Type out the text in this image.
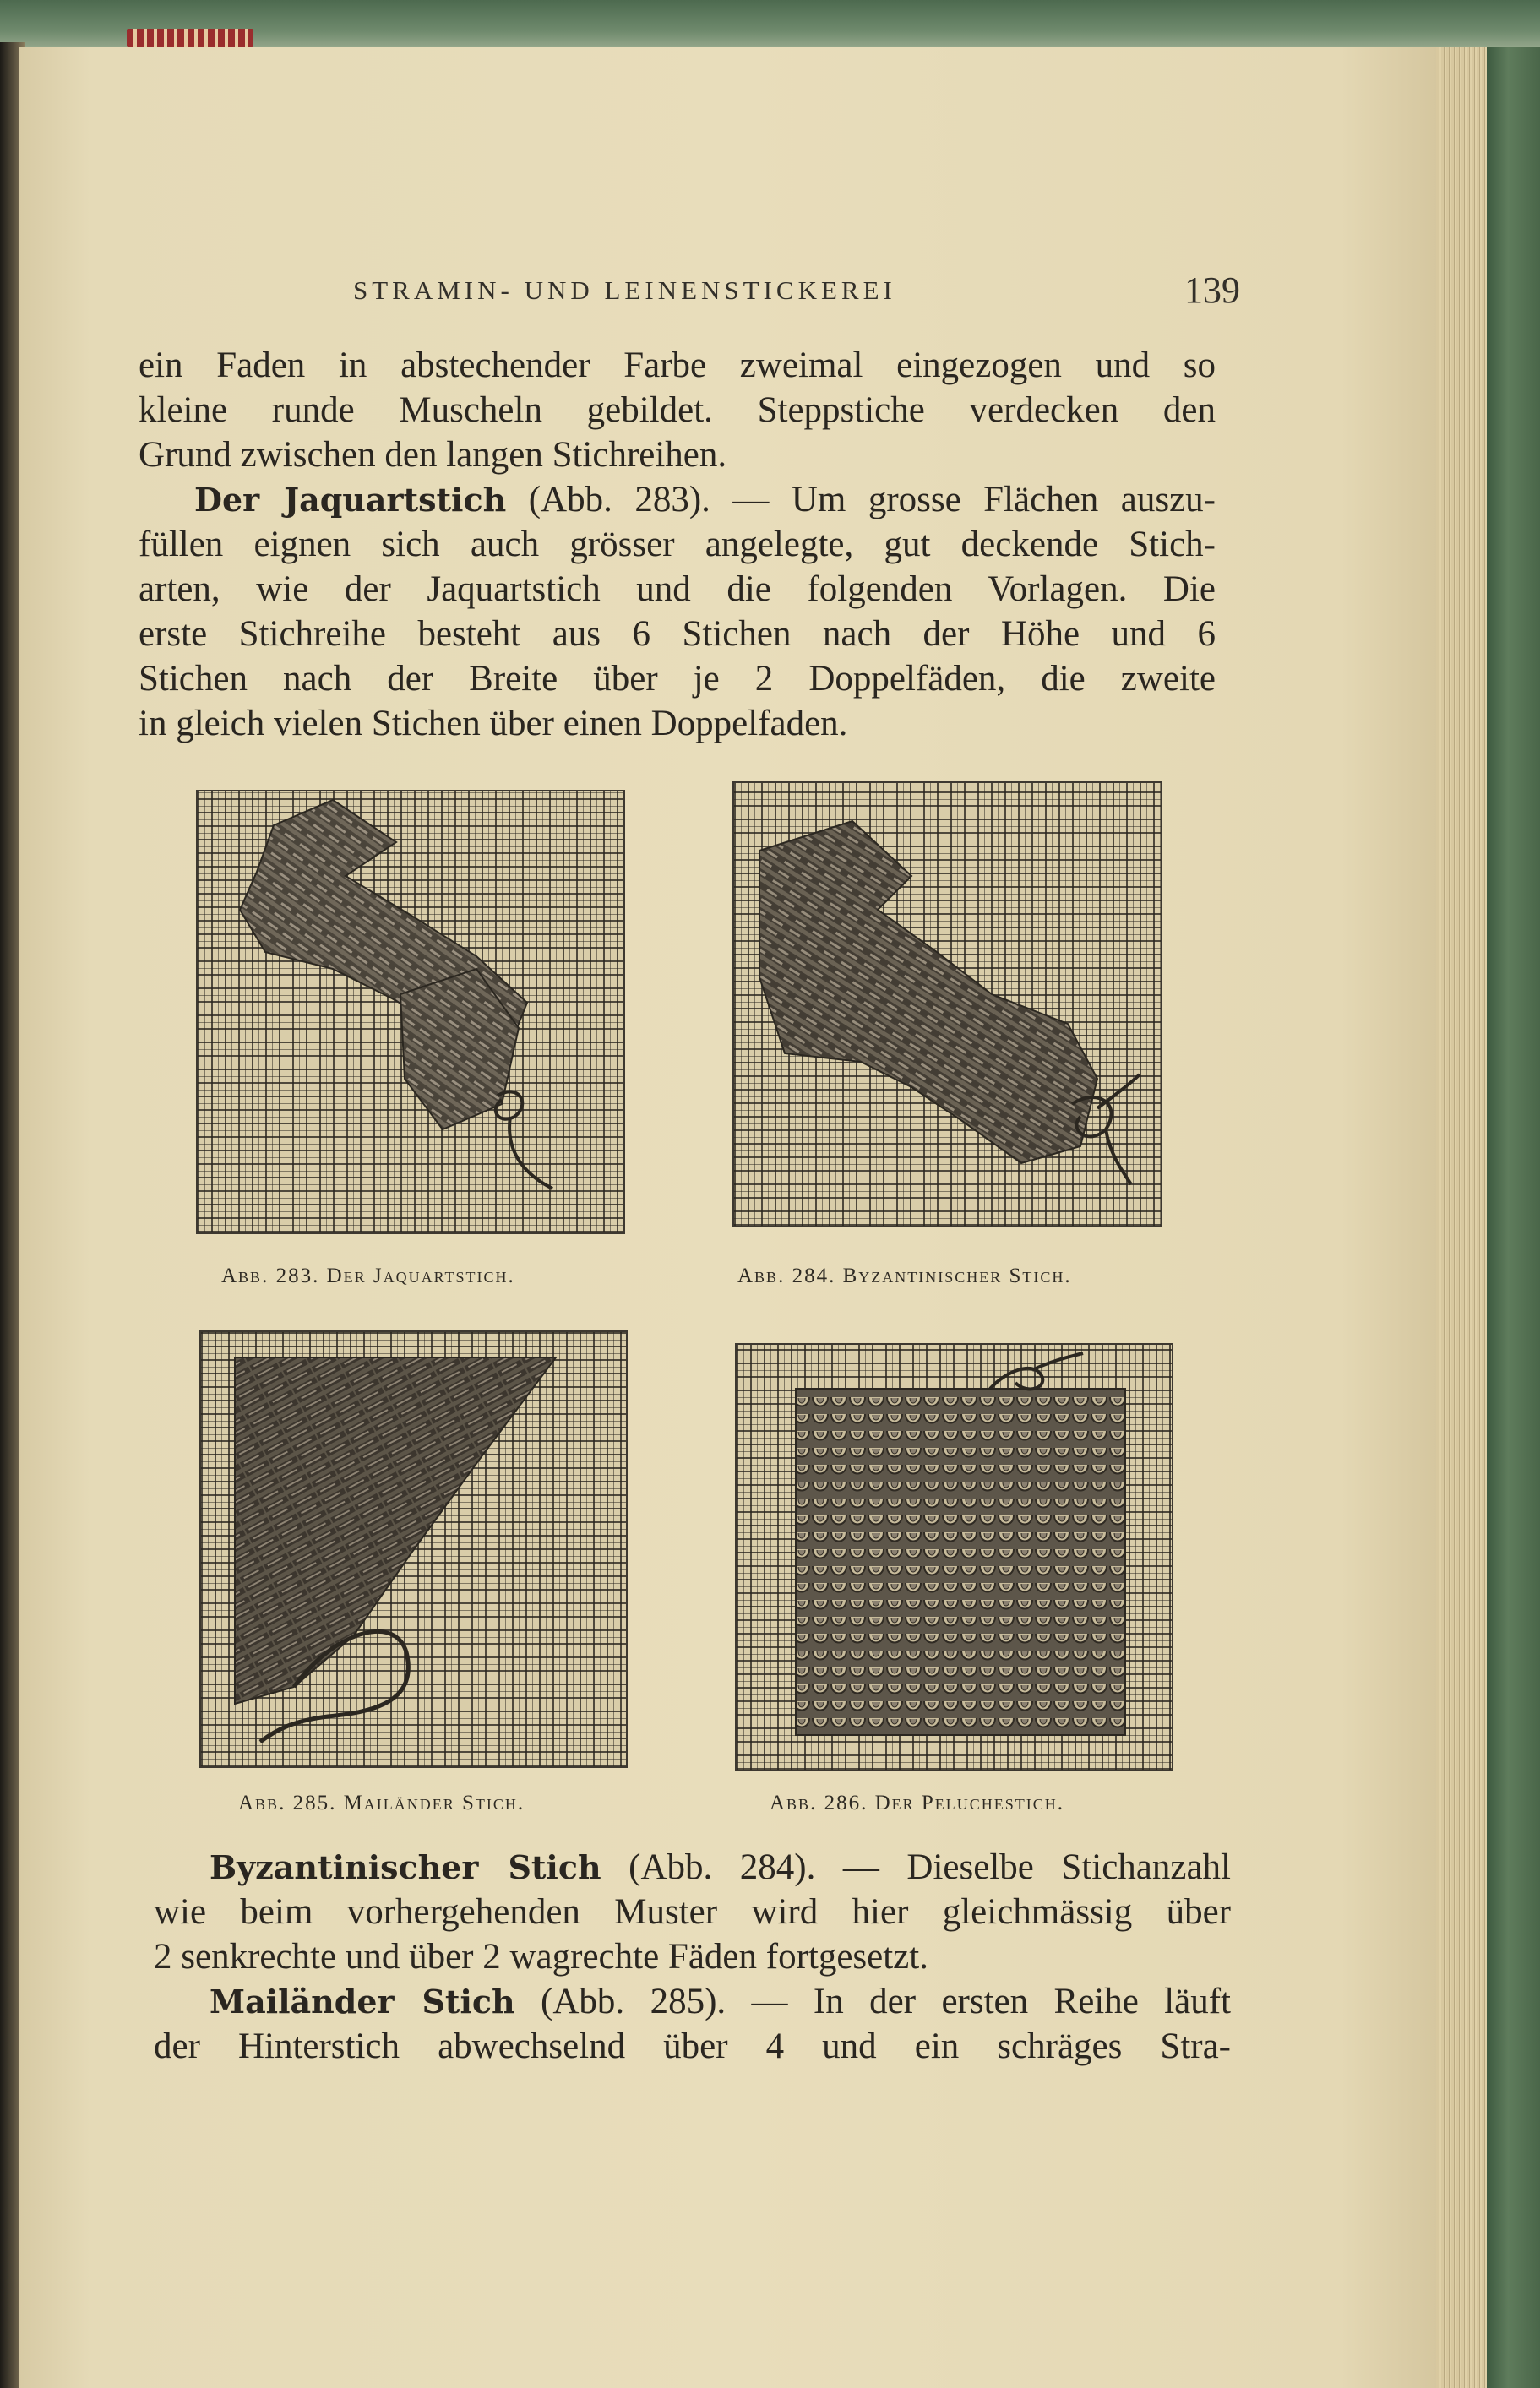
STRAMIN- UND LEINENSTICKEREI	139

ein Faden in abstechender Farbe zweimal eingezogen und so

kleine runde Muscheln gebildet. Steppstiche verdecken den

Grund zwischen den langen Stichreihen.

Der Jaquartstich (Abb. 283). — Um grosse Flächen auszu-

füllen eignen sich auch grösser angelegte, gut deckende Stich-

arten, wie der Jaquartstich und die folgenden Vorlagen. Die

erste Stichreihe besteht aus 6 Stichen nach der Höhe und 6

Stichen nach der Breite über je 2 Doppelfäden, die zweite

in gleich vielen Stichen über einen Doppelfaden.

Abb. 283. Der Jaquartstich.	Abb. 284. Byzantinischer Stich.
Abb. 285. Mailänder Stich.	Abb. 286. Der Peluchestich.

Byzantinischer Stich (Abb. 284). — Dieselbe Stichanzahl

wie beim vorhergehenden Muster wird hier gleichmässig über

2 senkrechte und über 2 wagrechte Fäden fortgesetzt.

Mailänder Stich (Abb. 285). — In der ersten Reihe läuft

der Hinterstich abwechselnd über 4 und ein schräges Stra-
